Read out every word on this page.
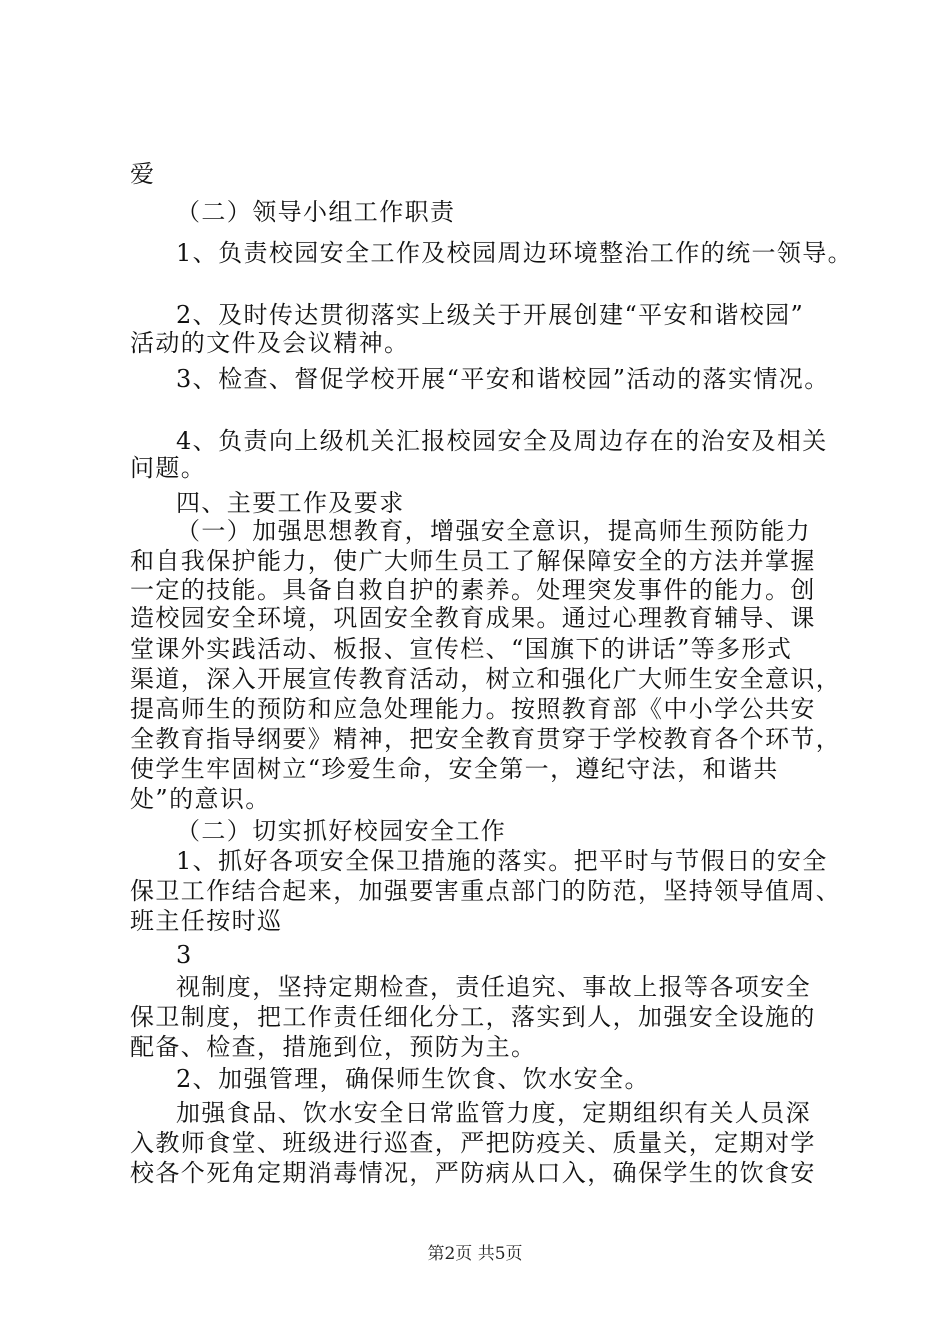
爱
（二）领导小组工作职责
1、负责校园安全工作及校园周边环境整治工作的统一领导。
2、及时传达贯彻落实上级关于开展创建“平安和谐校园”
活动的文件及会议精神。
3、检查、督促学校开展“平安和谐校园”活动的落实情况。
4、负责向上级机关汇报校园安全及周边存在的治安及相关
问题。
四、主要工作及要求
（一）加强思想教育，增强安全意识，提高师生预防能力
和自我保护能力，使广大师生员工了解保障安全的方法并掌握
一定的技能。具备自救自护的素养。处理突发事件的能力。创
造校园安全环境，巩固安全教育成果。通过心理教育辅导、课
堂课外实践活动、板报、宣传栏、“国旗下的讲话”等多形式
渠道，深入开展宣传教育活动，树立和强化广大师生安全意识，
提高师生的预防和应急处理能力。按照教育部《中小学公共安
全教育指导纲要》精神，把安全教育贯穿于学校教育各个环节，
使学生牢固树立“珍爱生命，安全第一，遵纪守法，和谐共
处”的意识。
（二）切实抓好校园安全工作
1、抓好各项安全保卫措施的落实。把平时与节假日的安全
保卫工作结合起来，加强要害重点部门的防范，坚持领导值周、
班主任按时巡
3
视制度，坚持定期检查，责任追究、事故上报等各项安全
保卫制度，把工作责任细化分工，落实到人，加强安全设施的
配备、检查，措施到位，预防为主。
2、加强管理，确保师生饮食、饮水安全。
加强食品、饮水安全日常监管力度，定期组织有关人员深
入教师食堂、班级进行巡查，严把防疫关、质量关，定期对学
校各个死角定期消毒情况，严防病从口入，确保学生的饮食安
第2页 共5页
